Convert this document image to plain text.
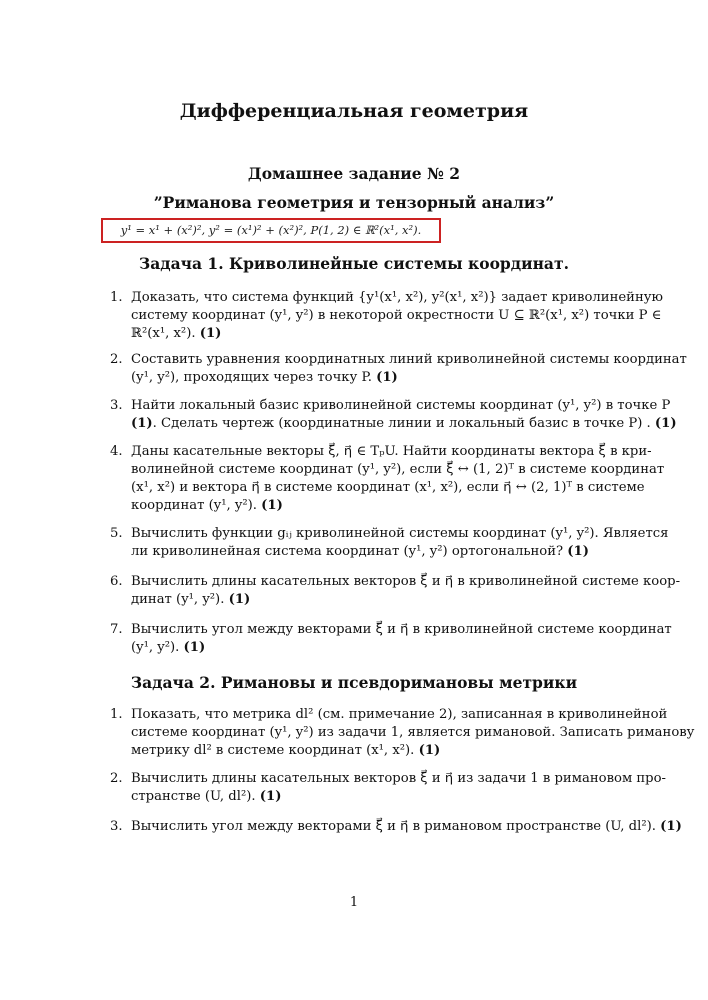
Дифференциальная геометрия
Домашнее задание № 2
”Риманова геометрия и тензорный анализ”
y¹ = x¹ + (x²)², y² = (x¹)² + (x²)², P(1, 2) ∈ ℝ²(x¹, x²).
Задача 1. Криволинейные системы координат.
1. Доказать, что система функций {y¹(x¹, x²), y²(x¹, x²)} задает криволинейную
систему координат (y¹, y²) в некоторой окрестности U ⊆ ℝ²(x¹, x²) точки P ∈
ℝ²(x¹, x²). (1)
2. Составить уравнения координатных линий криволинейной системы координат
(y¹, y²), проходящих через точку P. (1)
3. Найти локальный базис криволинейной системы координат (y¹, y²) в точке P
(1). Сделать чертеж (координатные линии и локальный базис в точке P) . (1)
4. Даны касательные векторы ξ⃗, η⃗ ∈ TₚU. Найти координаты вектора ξ⃗ в кри-
волинейной системе координат (y¹, y²), если ξ⃗ ↔ (1, 2)ᵀ в системе координат
(x¹, x²) и вектора η⃗ в системе координат (x¹, x²), если η⃗ ↔ (2, 1)ᵀ в системе
координат (y¹, y²). (1)
5. Вычислить функции gᵢⱼ криволинейной системы координат (y¹, y²). Является
ли криволинейная система координат (y¹, y²) ортогональной? (1)
6. Вычислить длины касательных векторов ξ⃗ и η⃗ в криволинейной системе коор-
динат (y¹, y²). (1)
7. Вычислить угол между векторами ξ⃗ и η⃗ в криволинейной системе координат
(y¹, y²). (1)
Задача 2. Римановы и псевдоримановы метрики
1. Показать, что метрика dl² (см. примечание 2), записанная в криволинейной
системе координат (y¹, y²) из задачи 1, является римановой. Записать риманову
метрику dl² в системе координат (x¹, x²). (1)
2. Вычислить длины касательных векторов ξ⃗ и η⃗ из задачи 1 в римановом про-
странстве (U, dl²). (1)
3. Вычислить угол между векторами ξ⃗ и η⃗ в римановом пространстве (U, dl²). (1)
1
